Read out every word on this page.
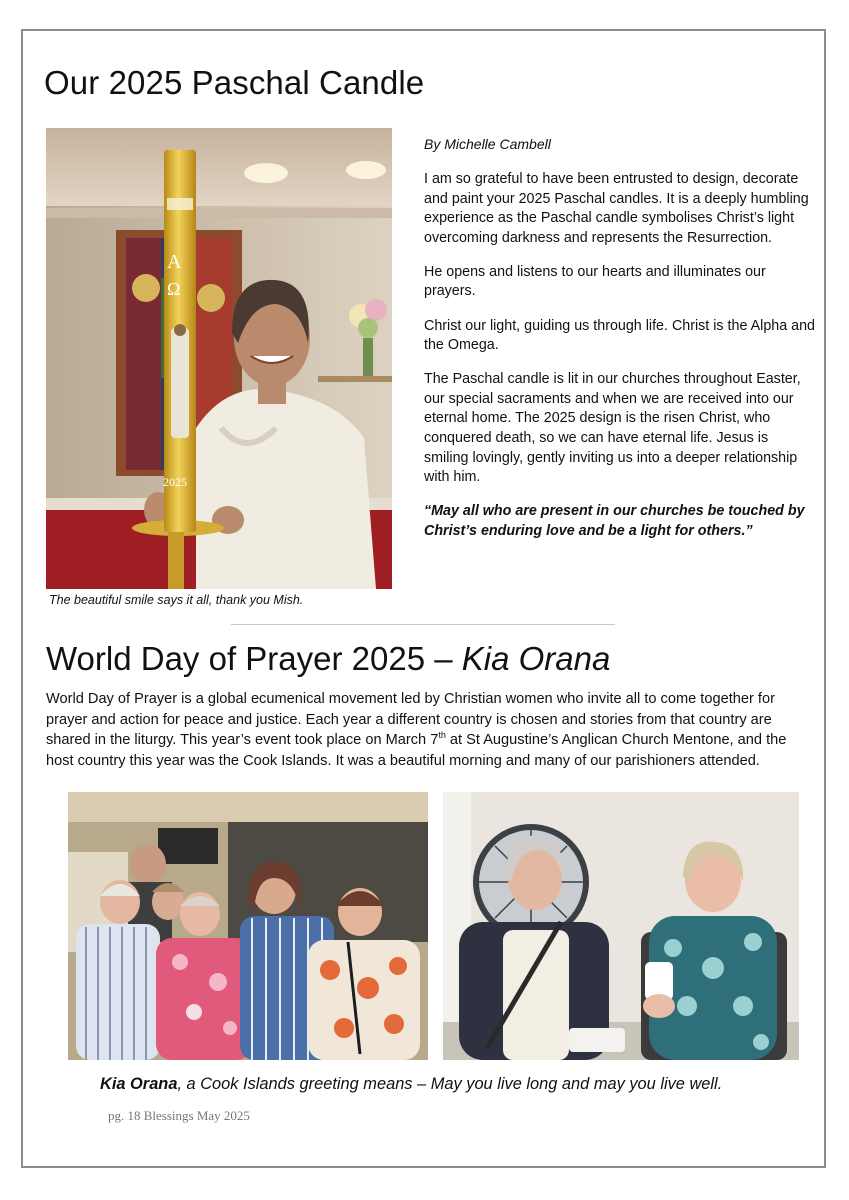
Our 2025 Paschal Candle
A
Ω
2025
The beautiful smile says it all, thank you Mish.
By Michelle Cambell

I am so grateful to have been entrusted to design, decorate and paint your 2025 Paschal candles. It is a deeply humbling experience as the Paschal candle symbolises Christ’s light overcoming darkness and represents the Resurrection.

He opens and listens to our hearts and illuminates our prayers.

Christ our light, guiding us through life. Christ is the Alpha and the Omega.

The Paschal candle is lit in our churches throughout Easter, our special sacraments and when we are received into our eternal home. The 2025 design is the risen Christ, who conquered death, so we can have eternal life. Jesus is smiling lovingly, gently inviting us into a deeper relationship with him.

“May all who are present in our churches be touched by Christ’s enduring love and be a light for others.”

World Day of Prayer 2025 – Kia Orana
World Day of Prayer is a global ecumenical movement led by Christian women who invite all to come together for prayer and action for peace and justice. Each year a different country is chosen and stories from that country are shared in the liturgy. This year’s event took place on March 7th at St Augustine’s Anglican Church Mentone, and the host country this year was the Cook Islands. It was a beautiful morning and many of our parishioners attended.
Kia Orana, a Cook Islands greeting means – May you live long and may you live well.
pg. 18 Blessings May 2025
